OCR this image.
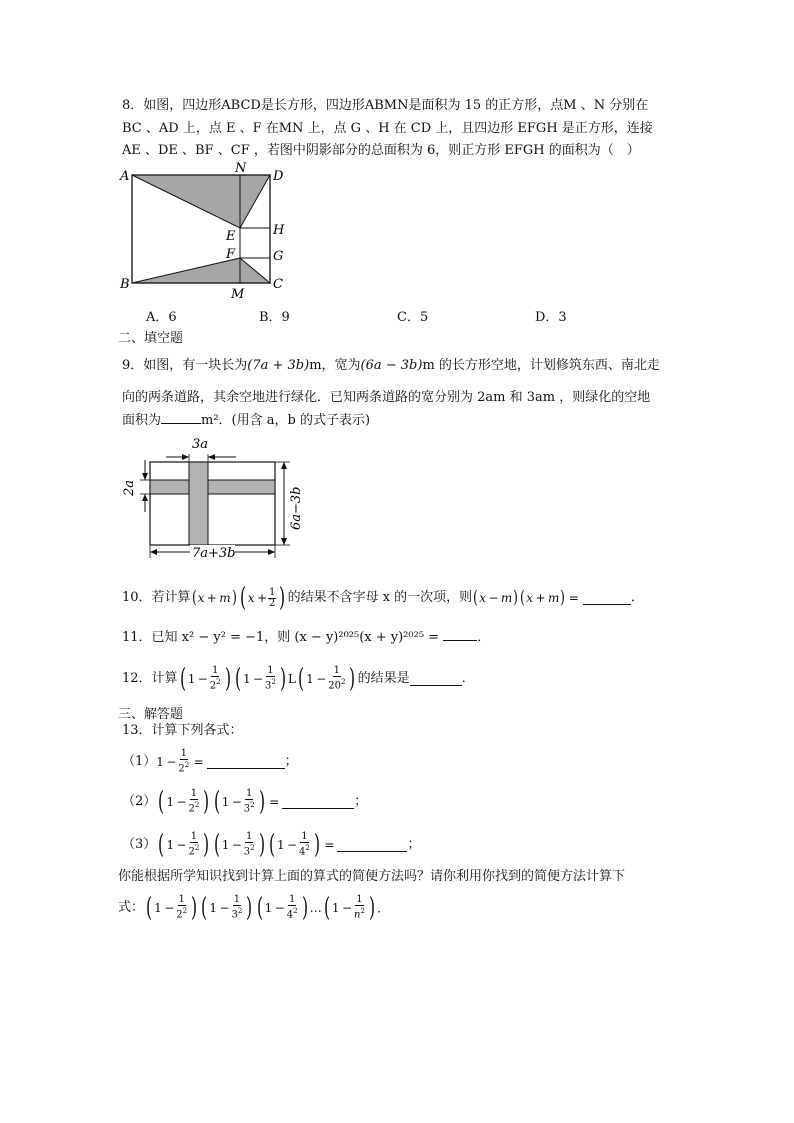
8．如图，四边形ABCD是长方形，四边形ABMN是面积为 15 的正方形，点M 、N 分别在
BC 、AD 上，点 E 、F 在MN 上，点 G 、H 在 CD 上，且四边形 EFGH 是正方形，连接
AE 、DE 、BF 、CF ，若图中阴影部分的总面积为 6，则正方形 EFGH 的面积为（　）
A
B	C
D
N
M
E
F	G
H
A．6	B．9	C．5	D．3
二、填空题
9．如图，有一块长为(7a + 3b)m，宽为(6a − 3b)m 的长方形空地，计划修筑东西、南北走
向的两条道路，其余空地进行绿化．已知两条道路的宽分别为 2am 和 3am ，则绿化的空地
面积为	m²．(用含 a，b 的式子表示)
3a
2a	6a−3b
7a+3b
10．若计算 ( x  +  m ) ( $x + \frac{1}{2}$ ) 的结果不含字母 x 的一次项，则 ( x  −  m ) ( x  +  m )  =	．
11．已知 x² − y² = −1，则 (x − y)²⁰²⁵(x + y)²⁰²⁵ =	．
12．计算 ( $1 - \frac{1}{2^2}$ ) ( $1 - \frac{1}{3^2}$ ) L ( $1 - \frac{1}{20^2}$ ) 的结果是	．
三、解答题
13．计算下列各式：
（1） $1 - \frac{1}{2^2}$  =	；
（2） ( $1 - \frac{1}{2^2}$ ) ( $1 - \frac{1}{3^2}$ )  =	；
（3） ( $1 - \frac{1}{2^2}$ ) ( $1 - \frac{1}{3^2}$ ) ( $1 - \frac{1}{4^2}$ )  =	；
你能根据所学知识找到计算上面的算式的简便方法吗？请你利用你找到的简便方法计算下
式： ( $1 - \frac{1}{2^2}$ ) ( $1 - \frac{1}{3^2}$ ) ( $1 - \frac{1}{4^2}$ ) … ( $1 - \frac{1}{n^2}$ ) ．
